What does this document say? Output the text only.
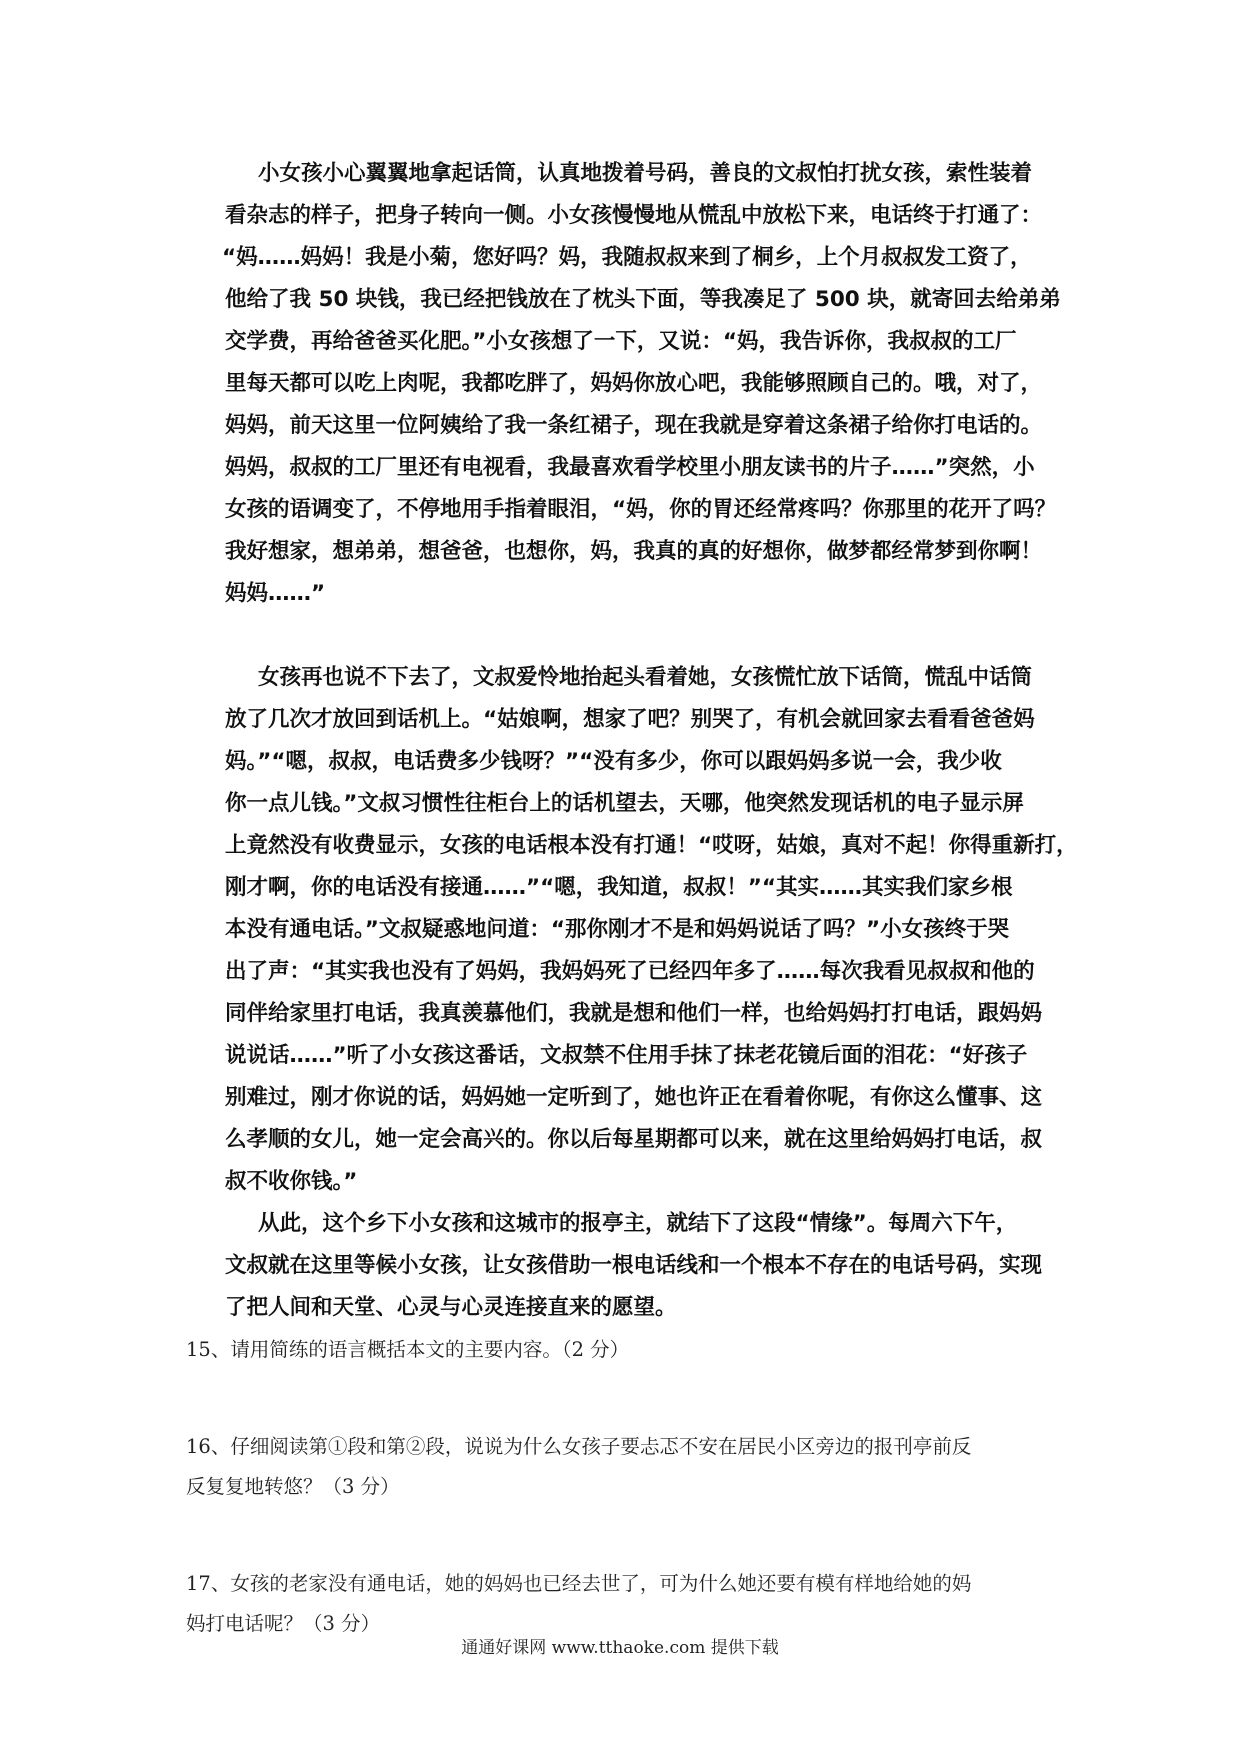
小女孩小心翼翼地拿起话筒，认真地拨着号码，善良的文叔怕打扰女孩，索性装着
看杂志的样子，把身子转向一侧。小女孩慢慢地从慌乱中放松下来，电话终于打通了：
“妈……妈妈！我是小菊，您好吗？妈，我随叔叔来到了桐乡，上个月叔叔发工资了，
他给了我 50 块钱，我已经把钱放在了枕头下面，等我凑足了 500 块，就寄回去给弟弟
交学费，再给爸爸买化肥。”小女孩想了一下，又说：“妈，我告诉你，我叔叔的工厂
里每天都可以吃上肉呢，我都吃胖了，妈妈你放心吧，我能够照顾自己的。哦，对了，
妈妈，前天这里一位阿姨给了我一条红裙子，现在我就是穿着这条裙子给你打电话的。
妈妈，叔叔的工厂里还有电视看，我最喜欢看学校里小朋友读书的片子……”突然，小
女孩的语调变了，不停地用手指着眼泪，“妈，你的胃还经常疼吗？你那里的花开了吗？
我好想家，想弟弟，想爸爸，也想你，妈，我真的真的好想你，做梦都经常梦到你啊！
妈妈……”
女孩再也说不下去了，文叔爱怜地抬起头看着她，女孩慌忙放下话筒，慌乱中话筒
放了几次才放回到话机上。“姑娘啊，想家了吧？别哭了，有机会就回家去看看爸爸妈
妈。”“嗯，叔叔，电话费多少钱呀？”“没有多少，你可以跟妈妈多说一会，我少收
你一点儿钱。”文叔习惯性往柜台上的话机望去，天哪，他突然发现话机的电子显示屏
上竟然没有收费显示，女孩的电话根本没有打通！“哎呀，姑娘，真对不起！你得重新打，
刚才啊，你的电话没有接通……”“嗯，我知道，叔叔！”“其实……其实我们家乡根
本没有通电话。”文叔疑惑地问道：“那你刚才不是和妈妈说话了吗？”小女孩终于哭
出了声：“其实我也没有了妈妈，我妈妈死了已经四年多了……每次我看见叔叔和他的
同伴给家里打电话，我真羡慕他们，我就是想和他们一样，也给妈妈打打电话，跟妈妈
说说话……”听了小女孩这番话，文叔禁不住用手抹了抹老花镜后面的泪花：“好孩子
别难过，刚才你说的话，妈妈她一定听到了，她也许正在看着你呢，有你这么懂事、这
么孝顺的女儿，她一定会高兴的。你以后每星期都可以来，就在这里给妈妈打电话，叔
叔不收你钱。”
从此，这个乡下小女孩和这城市的报亭主，就结下了这段“情缘”。每周六下午，
文叔就在这里等候小女孩，让女孩借助一根电话线和一个根本不存在的电话号码，实现
了把人间和天堂、心灵与心灵连接直来的愿望。
15、请用简练的语言概括本文的主要内容。（2 分）
16、仔细阅读第①段和第②段，说说为什么女孩子要忐忑不安在居民小区旁边的报刊亭前反
反复复地转悠？（3 分）
17、女孩的老家没有通电话，她的妈妈也已经去世了，可为什么她还要有模有样地给她的妈
妈打电话呢？（3 分）
通通好课网 www.tthaoke.com 提供下载
